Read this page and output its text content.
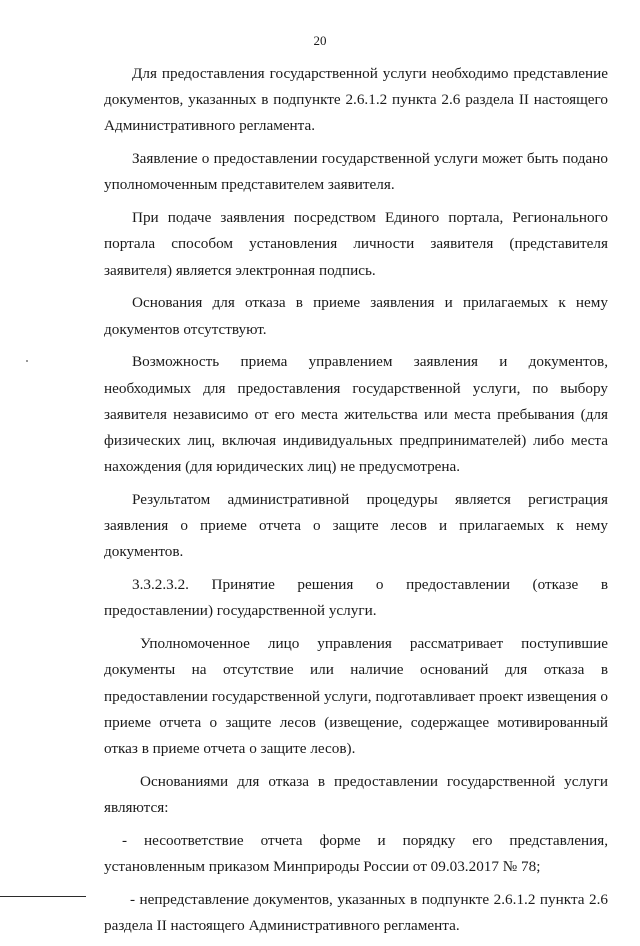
20

Для предоставления государственной услуги необходимо представление документов, указанных в подпункте 2.6.1.2 пункта 2.6 раздела II настоящего Административного регламента.

Заявление о предоставлении государственной услуги может быть подано уполномоченным представителем заявителя.

При подаче заявления посредством Единого портала, Регионального портала способом установления личности заявителя (представителя заявителя) является электронная подпись.

Основания для отказа в приеме заявления и прилагаемых к нему документов отсутствуют.

Возможность приема управлением заявления и документов, необходимых для предоставления государственной услуги, по выбору заявителя независимо от его места жительства или места пребывания (для физических лиц, включая индивидуальных предпринимателей) либо места нахождения (для юридических лиц) не предусмотрена.

Результатом административной процедуры является регистрация заявления о приеме отчета о защите лесов и прилагаемых к нему документов.

3.3.2.3.2. Принятие решения о предоставлении (отказе в предоставлении) государственной услуги.

Уполномоченное лицо управления рассматривает поступившие документы на отсутствие или наличие оснований для отказа в предоставлении государственной услуги, подготавливает проект извещения о приеме отчета о защите лесов (извещение, содержащее мотивированный отказ в приеме отчета о защите лесов).

Основаниями для отказа в предоставлении государственной услуги являются:

- несоответствие отчета форме и порядку его представления, установленным приказом Минприроды России от 09.03.2017 № 78;

- непредставление документов, указанных в подпункте 2.6.1.2 пункта 2.6 раздела II настоящего Административного регламента.
